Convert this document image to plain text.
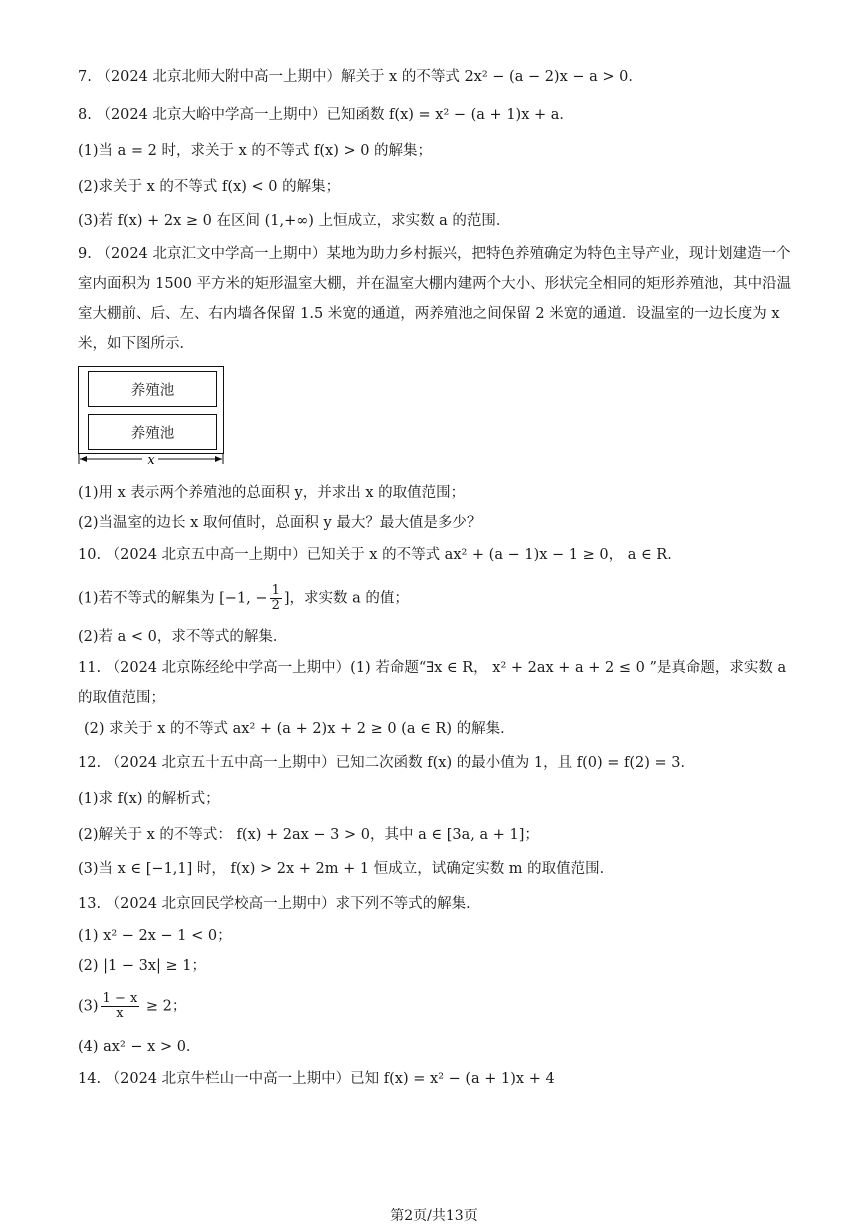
7. （2024 北京北师大附中高一上期中）解关于 x 的不等式 2x² − (a − 2)x − a > 0．
8. （2024 北京大峪中学高一上期中）已知函数 f(x) = x² − (a + 1)x + a．
(1)当 a = 2 时，求关于 x 的不等式 f(x) > 0 的解集；
(2)求关于 x 的不等式 f(x) < 0 的解集；
(3)若 f(x) + 2x ≥ 0 在区间 (1,+∞) 上恒成立，求实数 a 的范围．
9. （2024 北京汇文中学高一上期中）某地为助力乡村振兴，把特色养殖确定为特色主导产业，现计划建造一个室内面积为 1500 平方米的矩形温室大棚，并在温室大棚内建两个大小、形状完全相同的矩形养殖池，其中沿温室大棚前、后、左、右内墙各保留 1.5 米宽的通道，两养殖池之间保留 2 米宽的通道．设温室的一边长度为 x 米，如下图所示．
养殖池
养殖池
x
(1)用 x 表示两个养殖池的总面积 y，并求出 x 的取值范围；
(2)当温室的边长 x 取何值时，总面积 y 最大？最大值是多少？
10. （2024 北京五中高一上期中）已知关于 x 的不等式 ax² + (a − 1)x − 1 ≥ 0， a ∈ R．
(1)若不等式的解集为 [−1, − $\frac{1}{2}$ ]，求实数 a 的值；
(2)若 a < 0，求不等式的解集．
11. （2024 北京陈经纶中学高一上期中）(1) 若命题“∃x ∈ R， x² + 2ax + a + 2 ≤ 0 ”是真命题，求实数 a 的取值范围；
(2) 求关于 x 的不等式 ax² + (a + 2)x + 2 ≥ 0 (a ∈ R) 的解集．
12. （2024 北京五十五中高一上期中）已知二次函数 f(x) 的最小值为 1，且 f(0) = f(2) = 3．
(1)求 f(x) 的解析式；
(2)解关于 x 的不等式： f(x) + 2ax − 3 > 0，其中 a ∈ [3a, a + 1]；
(3)当 x ∈ [−1,1] 时， f(x) > 2x + 2m + 1 恒成立，试确定实数 m 的取值范围．
13. （2024 北京回民学校高一上期中）求下列不等式的解集．
(1) x² − 2x − 1 < 0；
(2) |1 − 3x| ≥ 1；
$(3) \frac{1 - x}{x} \ge 2$；
(4) ax² − x > 0．
14. （2024 北京牛栏山一中高一上期中）已知 f(x) = x² − (a + 1)x + 4
第2页/共13页
